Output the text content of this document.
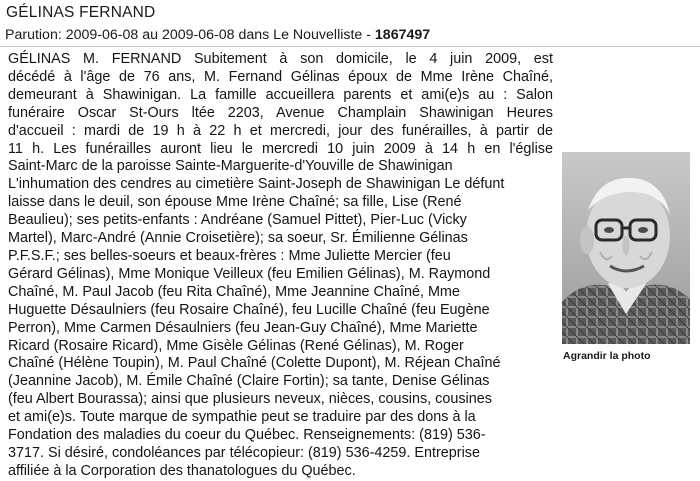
GÉLINAS FERNAND
Parution: 2009-06-08 au 2009-06-08 dans Le Nouvelliste - 1867497
GÉLINAS M. FERNAND Subitement à son domicile, le 4 juin 2009, est
décédé à l'âge de 76 ans, M. Fernand Gélinas époux de Mme Irène Chaîné,
demeurant à Shawinigan. La famille accueillera parents et ami(e)s au : Salon
funéraire Oscar St-Ours ltée 2203, Avenue Champlain Shawinigan Heures
d'accueil : mardi de 19 h à 22 h et mercredi, jour des funérailles, à partir de
11 h. Les funérailles auront lieu le mercredi 10 juin 2009 à 14 h en l'église
Saint-Marc de la paroisse Sainte-Marguerite-d'Youville de Shawinigan
L'inhumation des cendres au cimetière Saint-Joseph de Shawinigan Le défunt
laisse dans le deuil, son épouse Mme Irène Chaîné; sa fille, Lise (René
Beaulieu); ses petits-enfants : Andréane (Samuel Pittet), Pier-Luc (Vicky
Martel), Marc-André (Annie Croisetière); sa soeur, Sr. Émilienne Gélinas
P.F.S.F.; ses belles-soeurs et beaux-frères : Mme Juliette Mercier (feu
Gérard Gélinas), Mme Monique Veilleux (feu Emilien Gélinas), M. Raymond
Chaîné, M. Paul Jacob (feu Rita Chaîné), Mme Jeannine Chaîné, Mme
Huguette Désaulniers (feu Rosaire Chaîné), feu Lucille Chaîné (feu Eugène
Perron), Mme Carmen Désaulniers (feu Jean-Guy Chaîné), Mme Mariette
Ricard (Rosaire Ricard), Mme Gisèle Gélinas (René Gélinas), M. Roger
Chaîné (Hélène Toupin), M. Paul Chaîné (Colette Dupont), M. Réjean Chaîné
(Jeannine Jacob), M. Émile Chaîné (Claire Fortin); sa tante, Denise Gélinas
(feu Albert Bourassa); ainsi que plusieurs neveux, nièces, cousins, cousines
et ami(e)s. Toute marque de sympathie peut se traduire par des dons à la
Fondation des maladies du coeur du Québec. Renseignements: (819) 536-
3717. Si désiré, condoléances par télécopieur: (819) 536-4259. Entreprise
affiliée à la Corporation des thanatologues du Québec.
Agrandir la photo
